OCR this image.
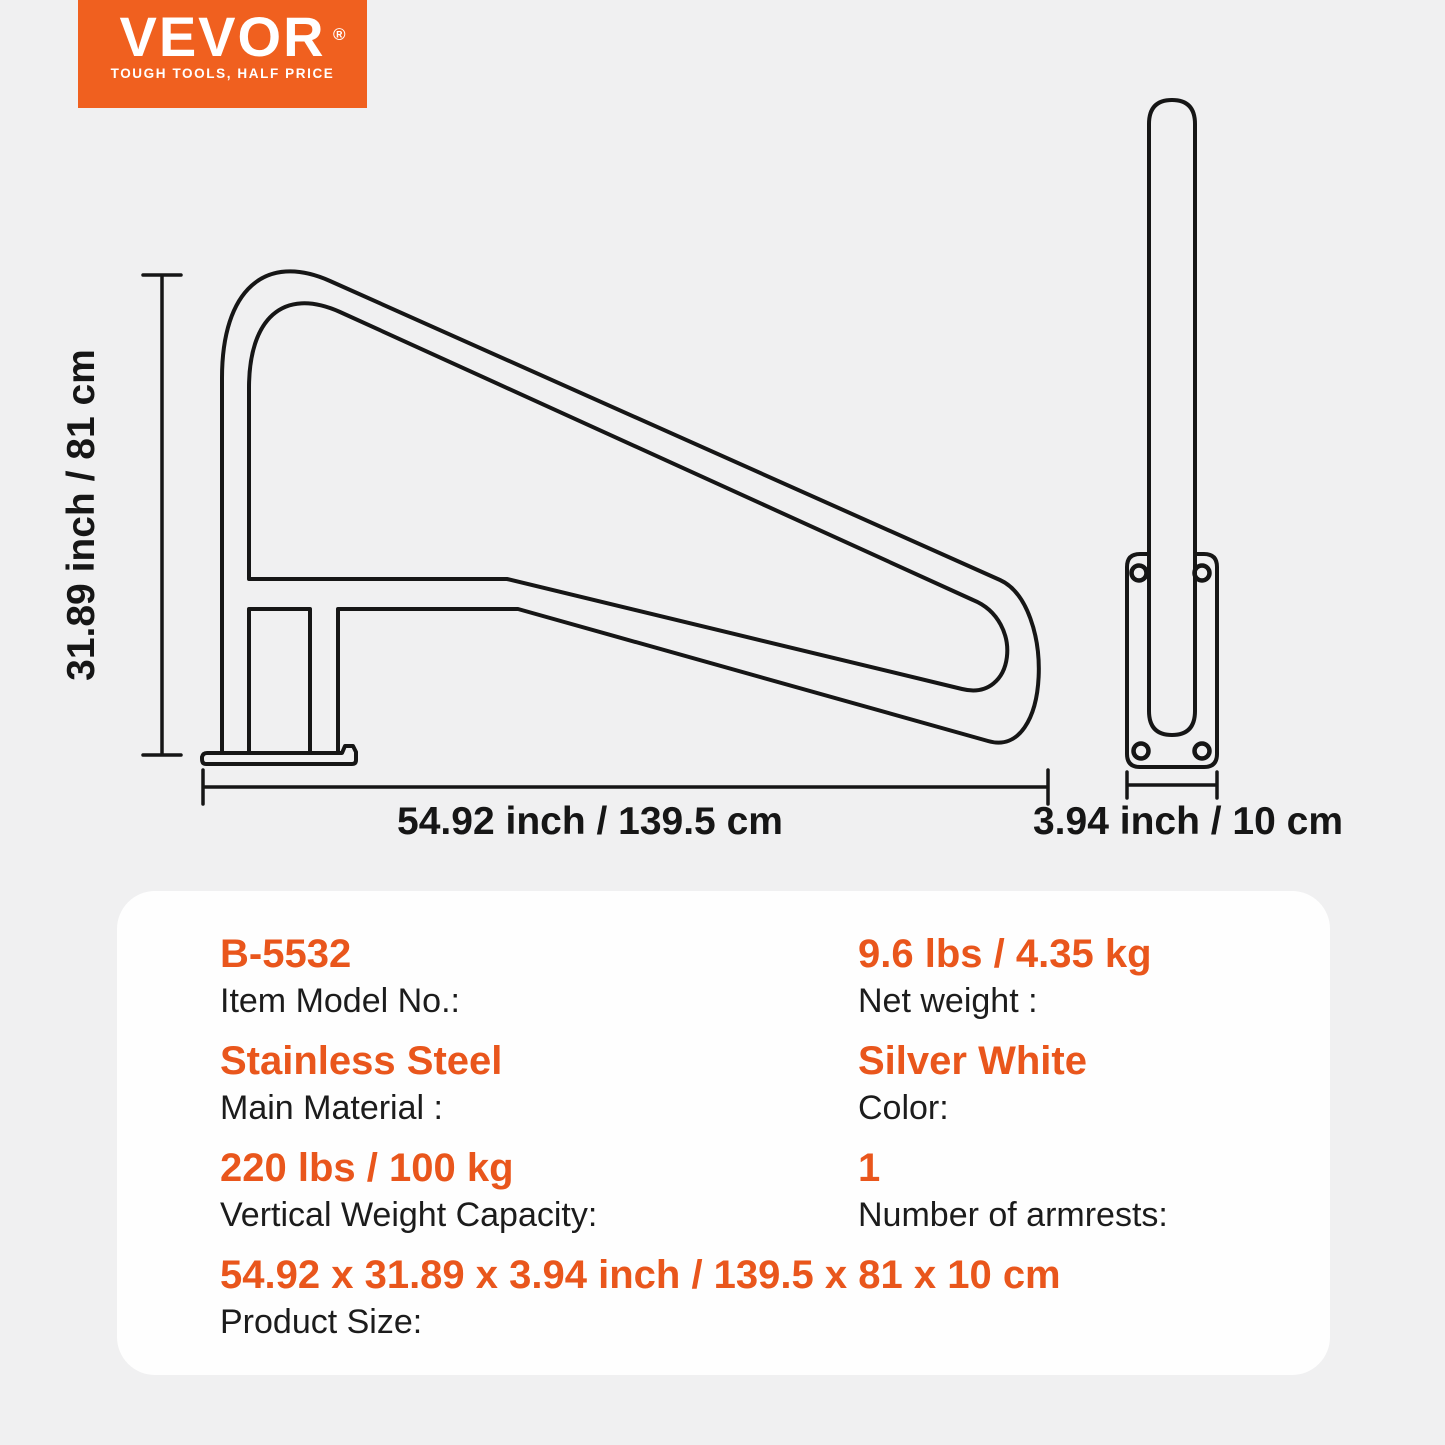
VEVOR ®
TOUGH TOOLS, HALF PRICE
31.89 inch / 81 cm
54.92 inch / 139.5 cm	3.94 inch / 10 cm
B-5532
Item Model No.:
9.6 lbs / 4.35 kg
Net weight :
Stainless Steel
Main Material :
Silver White
Color:
220 lbs / 100 kg
Vertical Weight Capacity:
1
Number of armrests:
54.92 x 31.89 x 3.94 inch / 139.5 x 81 x 10 cm
Product Size:
